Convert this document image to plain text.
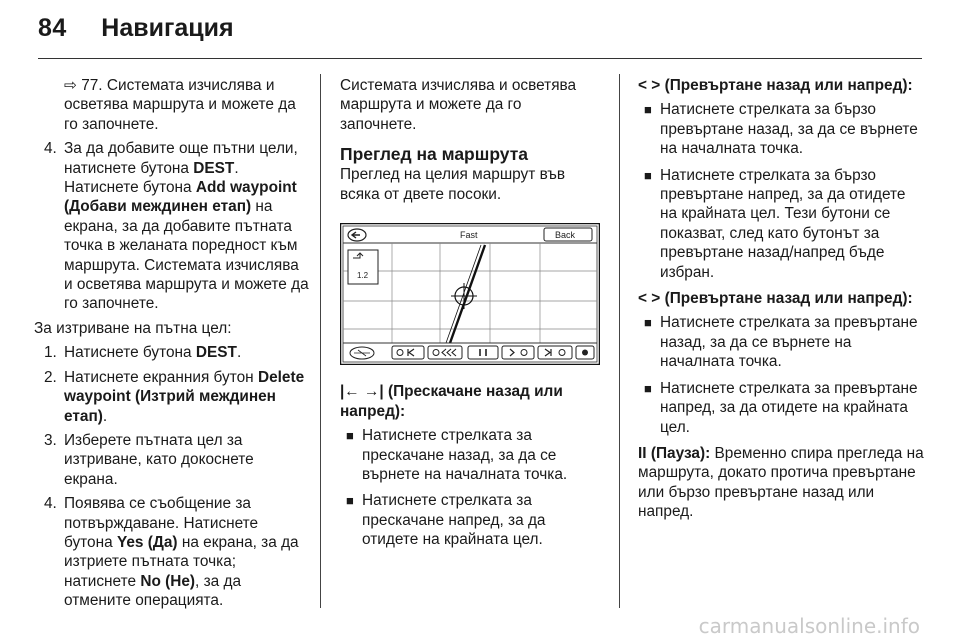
84 Навигация

⇨ 77. Системата изчислява и осветява маршрута и можете да го започнете.

4. За да добавите още пътни цели, натиснете бутона DEST. Натиснете бутона Add waypoint (Добави междинен етап) на екрана, за да добавите пътната точка в желаната поредност към маршрута. Системата изчислява и осветява маршрута и можете да го започнете.

За изтриване на пътна цел:

1. Натиснете бутона DEST.
2. Натиснете екранния бутон Delete waypoint (Изтрий междинен етап).
3. Изберете пътната цел за изтриване, като докоснете екрана.
4. Появява се съобщение за потвърждаване. Натиснете бутона Yes (Да) на екрана, за да изтриете пътната точка; натиснете No (Не), за да отмените операцията.

Системата изчислява и осветява маршрута и можете да го започнете.

Преглед на маршрута

Преглед на целия маршрут във всяка от двете посоки.

Fast	Back
1.2

|← →| (Прескачане назад или напред):

■ Натиснете стрелката за прескачане назад, за да се върнете на началната точка.
■ Натиснете стрелката за прескачане напред, за да отидете на крайната цел.

< > (Превъртане назад или напред):

■ Натиснете стрелката за бързо превъртане назад, за да се върнете на началната точка.
■ Натиснете стрелката за бързо превъртане напред, за да отидете на крайната цел. Тези бутони се показват, след като бутонът за превъртане назад/напред бъде избран.

< > (Превъртане назад или напред):

■ Натиснете стрелката за превъртане назад, за да се върнете на началната точка.
■ Натиснете стрелката за превъртане напред, за да отидете на крайната цел.

II (Пауза): Временно спира прегледа на маршрута, докато протича превъртане или бързо превъртане назад или напред.

carmanualsonline.info
